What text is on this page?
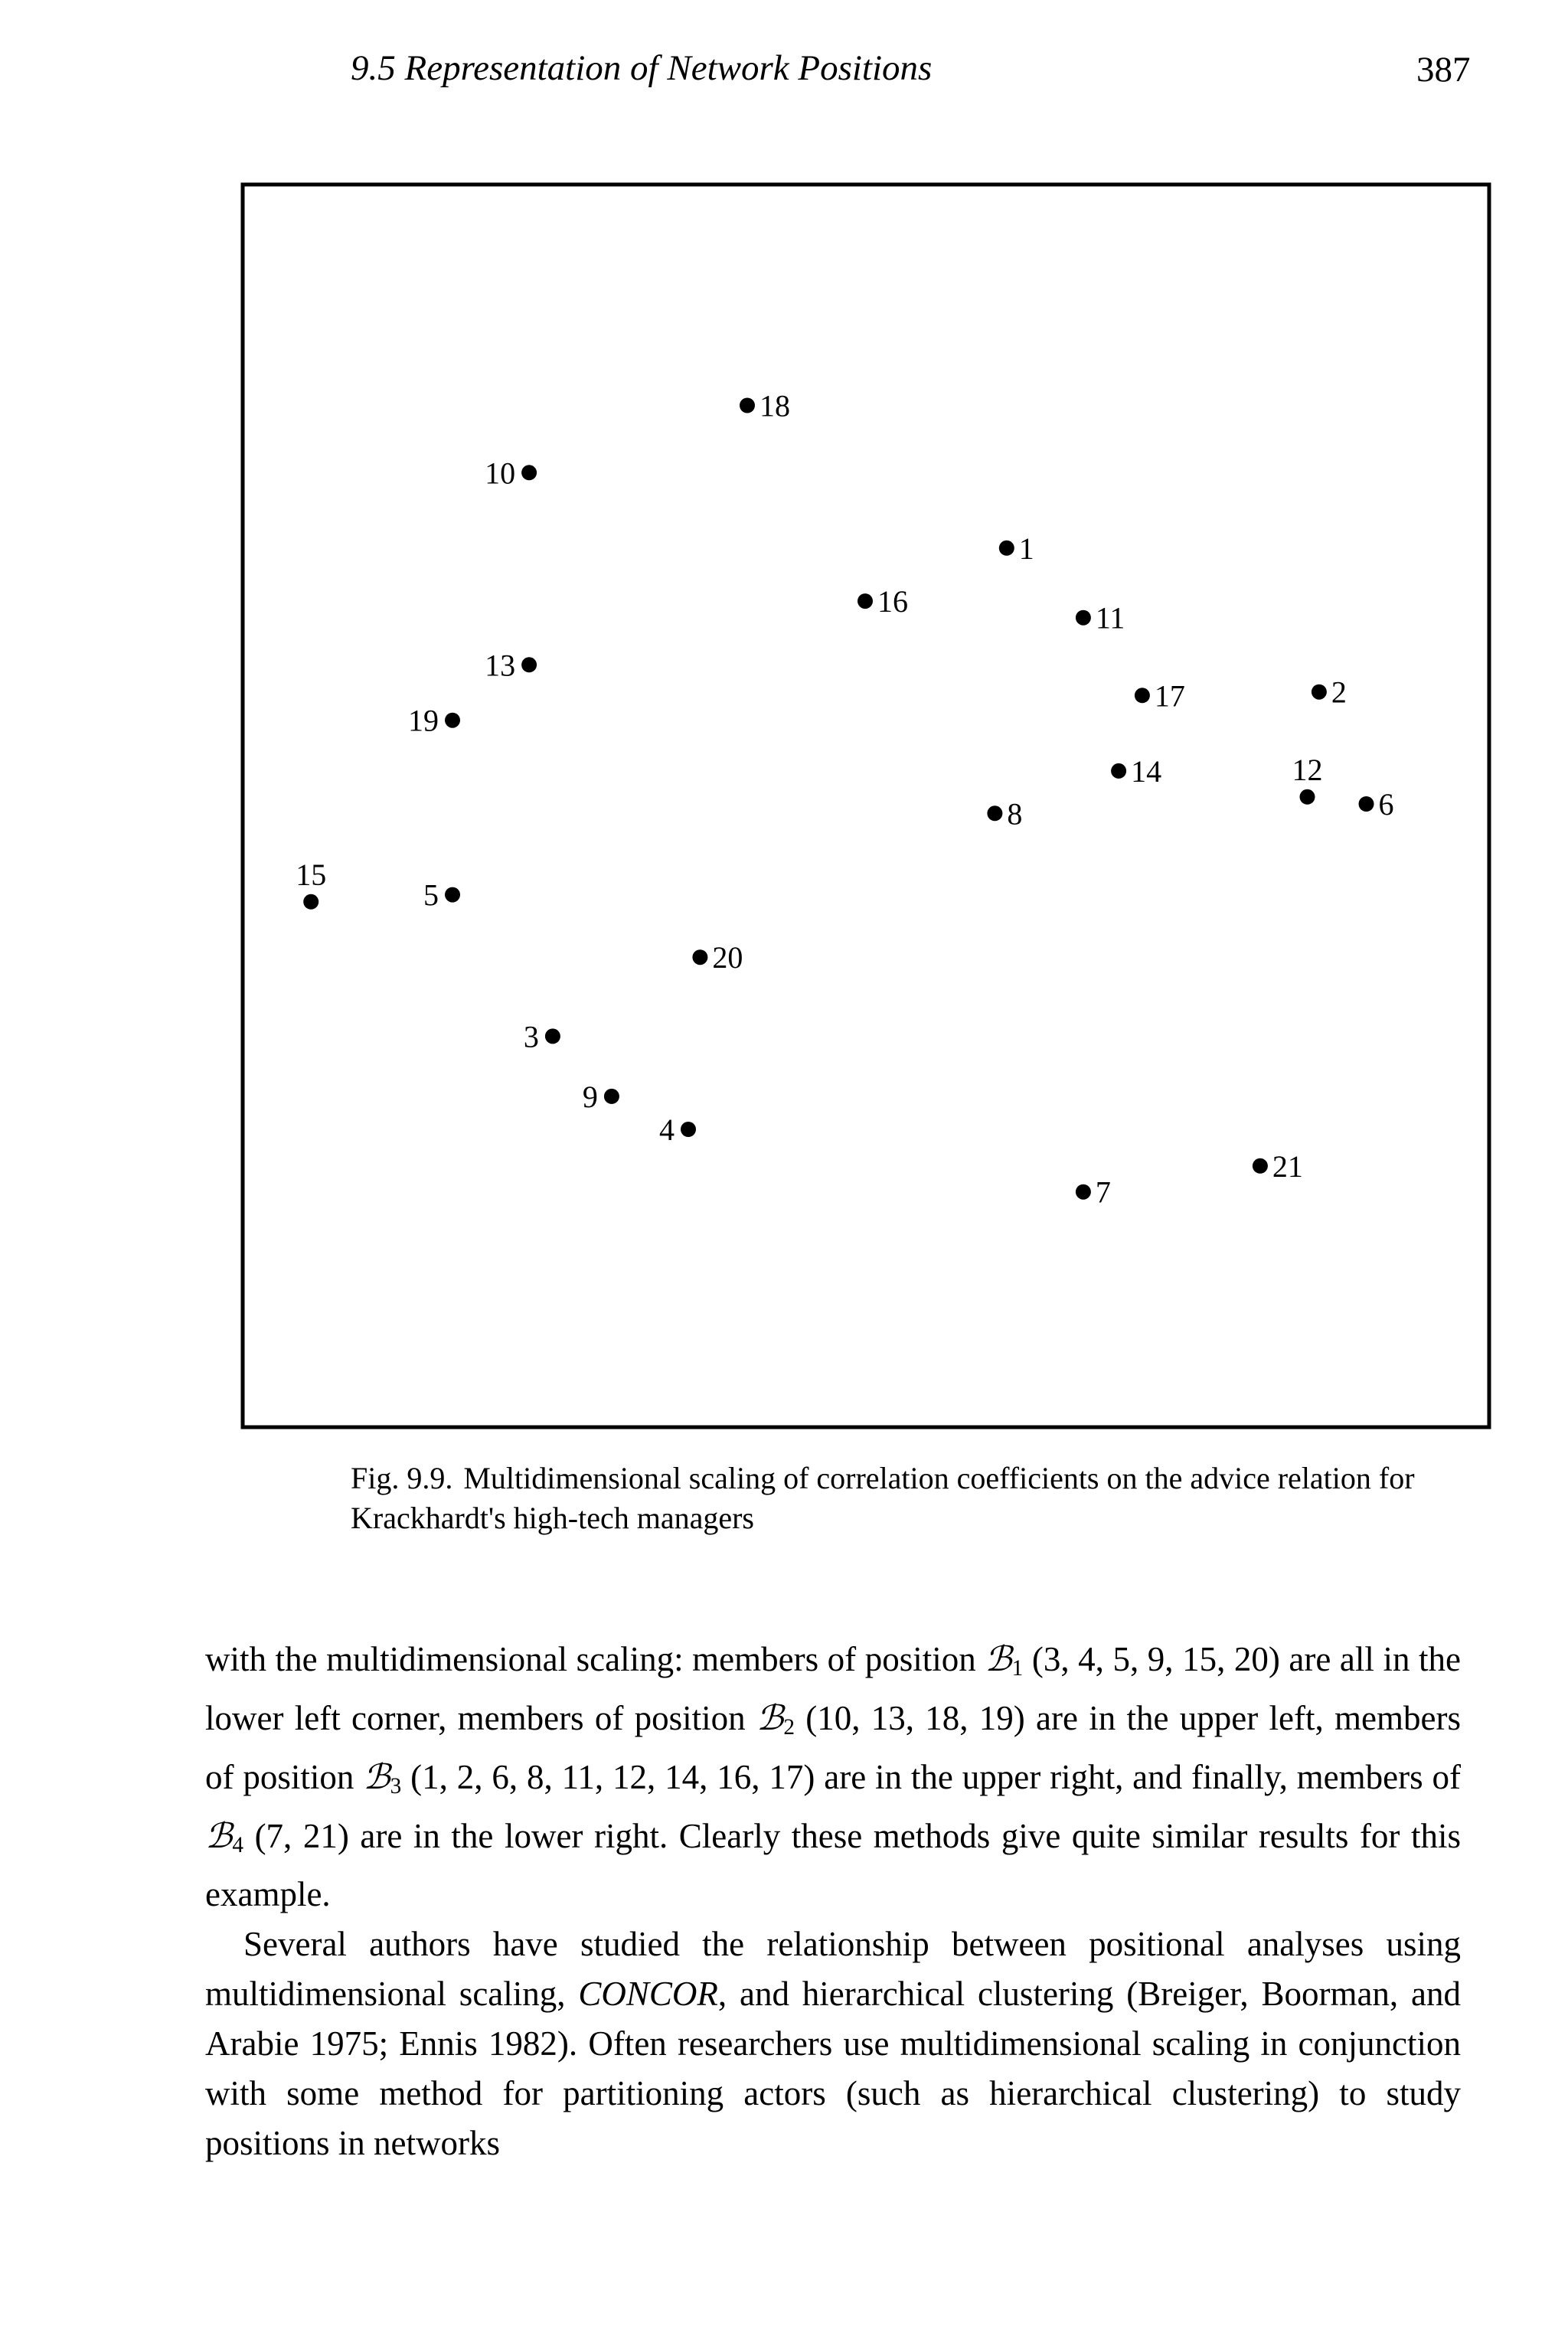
9.5 Representation of Network Positions	387
1
2
3
4
5
6
7
8
9
10
11
12
13
14
15
16
17
18
19
20
21

Fig. 9.9. Multidimensional scaling of correlation coefficients on the advice relation for Krackhardt's high-tech managers

with the multidimensional scaling: members of position ℬ1 (3, 4, 5, 9, 15, 20) are all in the lower left corner, members of position ℬ2 (10, 13, 18, 19) are in the upper left, members of position ℬ3 (1, 2, 6, 8, 11, 12, 14, 16, 17) are in the upper right, and finally, members of ℬ4 (7, 21) are in the lower right. Clearly these methods give quite similar results for this example.

Several authors have studied the relationship between positional analyses using multidimensional scaling, CONCOR, and hierarchical clustering (Breiger, Boorman, and Arabie 1975; Ennis 1982). Often researchers use multidimensional scaling in conjunction with some method for partitioning actors (such as hierarchical clustering) to study positions in networks
